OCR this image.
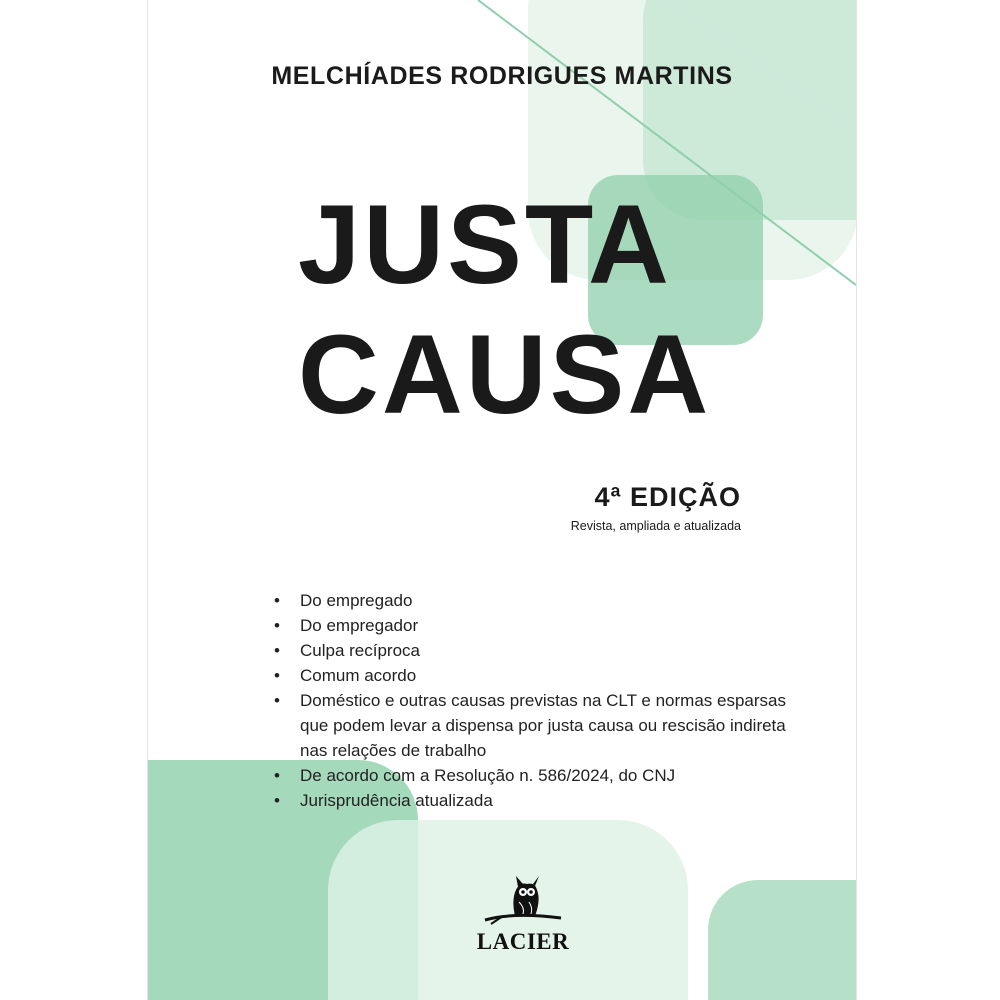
MELCHÍADES RODRIGUES MARTINS
JUSTA
CAUSA
4ª EDIÇÃO
Revista, ampliada e atualizada
• Do empregado
• Do empregador
• Culpa recíproca
• Comum acordo
• Doméstico e outras causas previstas na CLT e normas esparsas que podem levar a dispensa por justa causa ou rescisão indireta nas relações de trabalho
• De acordo com a Resolução n. 586/2024, do CNJ
• Jurisprudência atualizada
LACIER
